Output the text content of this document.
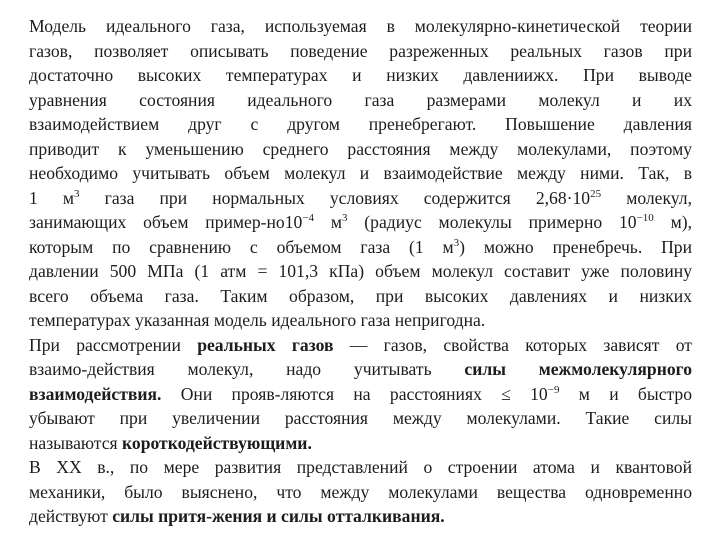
Модель идеального газа, используемая в молекулярно-кинетической теории
газов, позволяет описывать поведение разреженных реальных газов при
достаточно высоких температурах и низких давлениижх. При выводе
уравнения состояния идеального газа размерами молекул и их
взаимодействием друг с другом пренебрегают. Повышение давления
приводит к уменьшению среднего расстояния между молекулами, поэтому
необходимо учитывать объем молекул и взаимодействие между ними. Так, в
1 $м^3$ газа при нормальных условиях содержится $2,68\cdot 10^{25}$ молекул,
занимающих объем пример-$но10^{-4}$ $м^3$ (радиус молекулы примерно $10^{-10}$ м),
которым по сравнению с объемом газа (1 $м^3$) можно пренебречь. При
давлении 500 МПа (1 атм = 101,3 кПа) объем молекул составит уже половину
всего объема газа. Таким образом, при высоких давлениях и низких
температурах указанная модель идеального газа непригодна.
При рассмотрении реальных газов — газов, свойства которых зависят от
взаимо-действия молекул, надо учитывать силы межмолекулярного
взаимодействия. Они прояв-ляются на расстояниях ≤ $10^{-9}$ м и быстро
убывают при увеличении расстояния между молекулами. Такие силы
называются короткодействующими.
В XX в., по мере развития представлений о строении атома и квантовой
механики, было выяснено, что между молекулами вещества одновременно
действуют силы притя-жения и силы отталкивания.
